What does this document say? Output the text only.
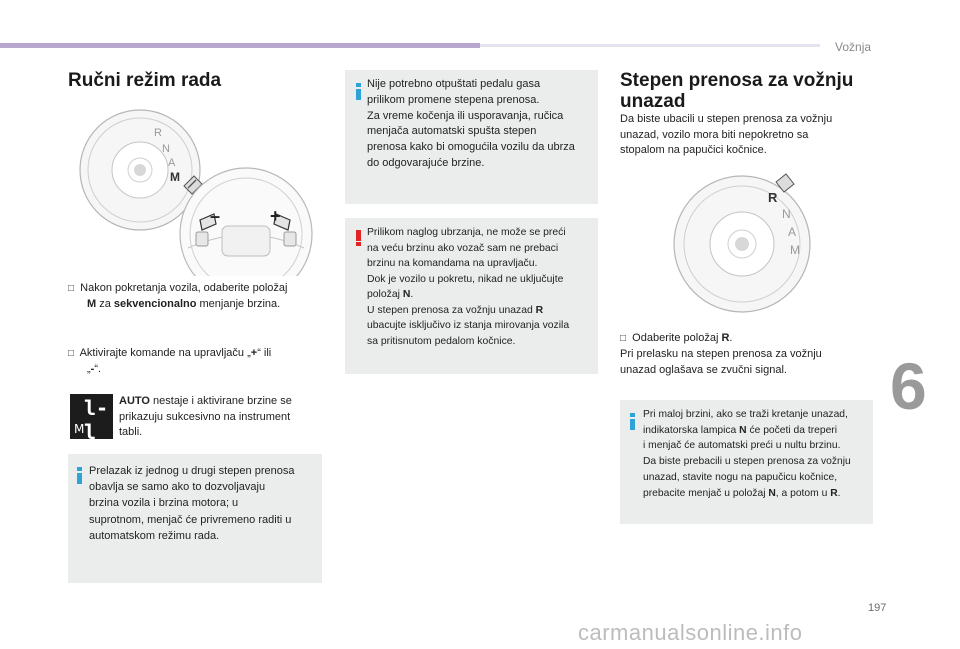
Vožnja
6
197
carmanualsonline.info
Ručni režim rada
R
N
A
M
–	+
□ Nakon pokretanja vozila, odaberite položaj
M za sekvencionalno menjanje brzina.
□ Aktivirajte komande na upravljaču „+“ ili
„-“.
l-l
M
AUTO nestaje i aktivirane brzine se
prikazuju sukcesivno na instrument
tabli.
Prelazak iz jednog u drugi stepen prenosa
obavlja se samo ako to dozvoljavaju
brzina vozila i brzina motora; u
suprotnom, menjač će privremeno raditi u
automatskom režimu rada.
Nije potrebno otpuštati pedalu gasa
prilikom promene stepena prenosa.
Za vreme kočenja ili usporavanja, ručica
menjača automatski spušta stepen
prenosa kako bi omogućila vozilu da ubrza
do odgovarajuće brzine.
Prilikom naglog ubrzanja, ne može se preći
na veću brzinu ako vozač sam ne prebaci
brzinu na komandama na upravljaču.
Dok je vozilo u pokretu, nikad ne uključujte
položaj N.
U stepen prenosa za vožnju unazad R
ubacujte isključivo iz stanja mirovanja vozila
sa pritisnutom pedalom kočnice.
Stepen prenosa za vožnju
unazad
Da biste ubacili u stepen prenosa za vožnju
unazad, vozilo mora biti nepokretno sa
stopalom na papučici kočnice.
R
N
A
M
□ Odaberite položaj R.
Pri prelasku na stepen prenosa za vožnju
unazad oglašava se zvučni signal.
Pri maloj brzini, ako se traži kretanje unazad,
indikatorska lampica N će početi da treperi
i menjač će automatski preći u nultu brzinu.
Da biste prebacili u stepen prenosa za vožnju
unazad, stavite nogu na papučicu kočnice,
prebacite menjač u položaj N, a potom u R.
